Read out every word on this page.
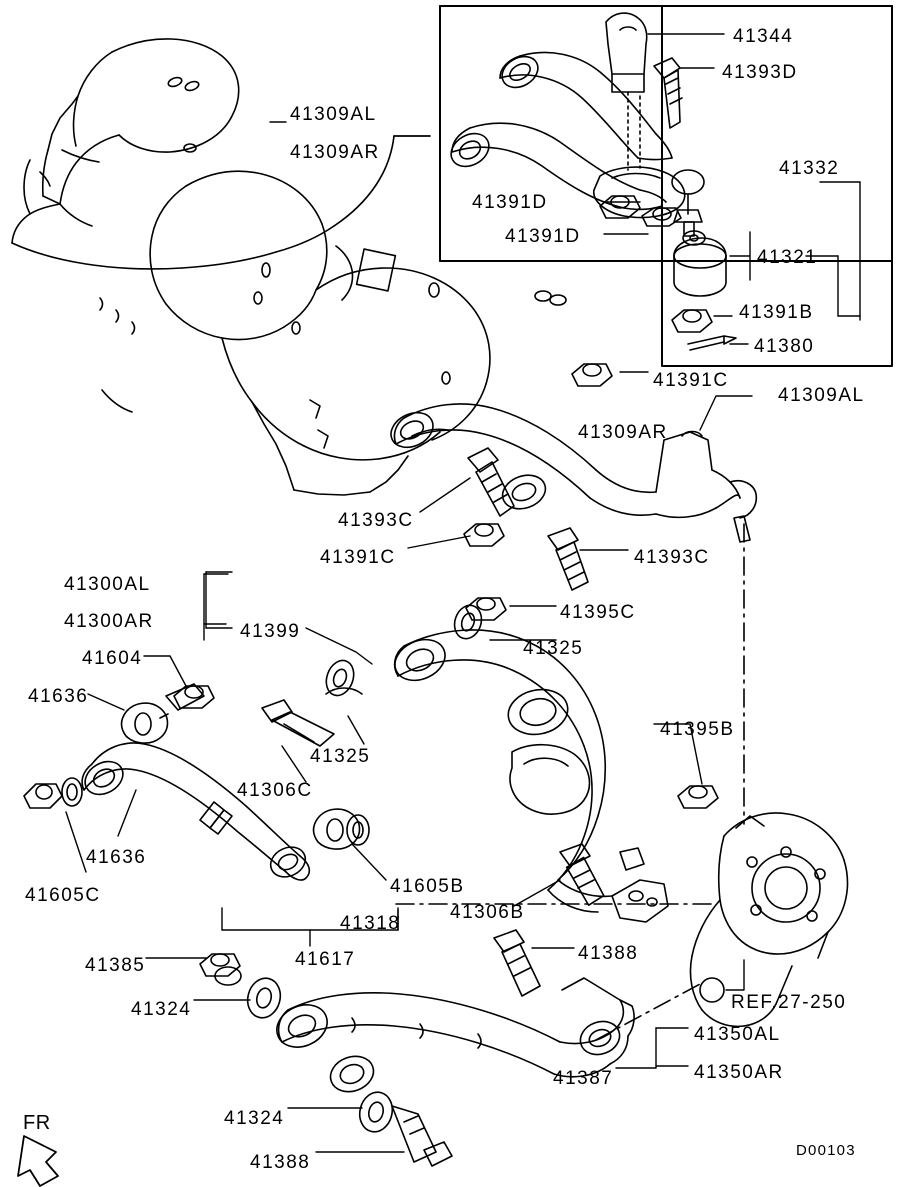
41344
41393D
41309AL
41309AR
41332
41391D
41391D
41321
41391B
41380
41391C
41309AL
41309AR
41393C
41391C	41393C
41300AL
41395C
41300AR	41399
41325
41604
41636
41395B
41325
41306C
41636
41605B
41605C
41318
41306B
41388
41617
41385
41324	REF.27-250
41350AL
41387	41350AR
41324
41388
FR
D00103
